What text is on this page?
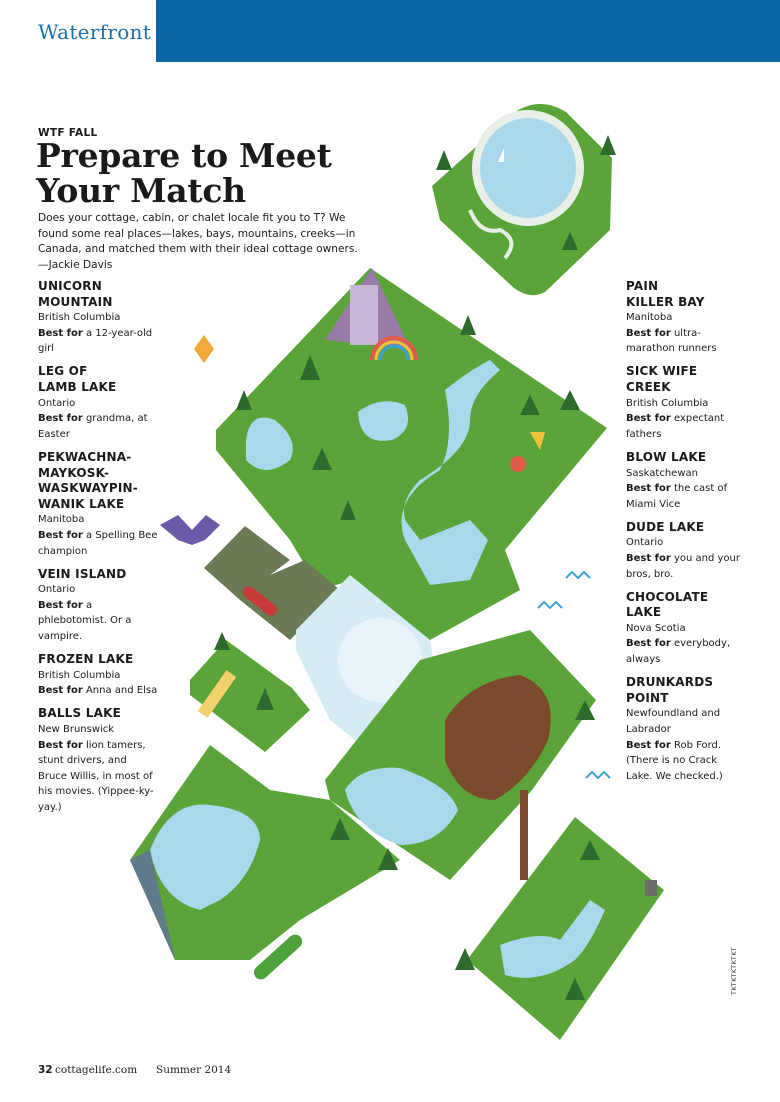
Waterfront
WTF FALL
Prepare to Meet
Your Match

Does your cottage, cabin, or chalet locale fit you to T? We found some real places—lakes, bays, mountains, creeks—in Canada, and matched them with their ideal cottage owners. —Jackie Davis

UNICORN
MOUNTAIN
British Columbia
Best for a 12-year-old girl
LEG OF
LAMB LAKE
Ontario
Best for grandma, at Easter
PEKWACHNA-
MAYKOSK-
WASKWAYPIN-
WANIK LAKE
Manitoba
Best for a Spelling Bee champion
VEIN ISLAND
Ontario
Best for a phlebotomist. Or a vampire.
FROZEN LAKE
British Columbia
Best for Anna and Elsa
BALLS LAKE
New Brunswick
Best for lion tamers, stunt drivers, and Bruce Willis, in most of his movies. (Yippee-ky-yay.)
PAIN
KILLER BAY
Manitoba
Best for ultra-marathon runners
SICK WIFE
CREEK
British Columbia
Best for expectant fathers
BLOW LAKE
Saskatchewan
Best for the cast of Miami Vice
DUDE LAKE
Ontario
Best for you and your bros, bro.
CHOCOLATE
LAKE
Nova Scotia
Best for everybody, always
DRUNKARDS
POINT
Newfoundland and
Labrador
Best for Rob Ford. (There is no Crack Lake. We checked.)
32 cottagelife.com Summer 2014
TKTKTKTKTKT
